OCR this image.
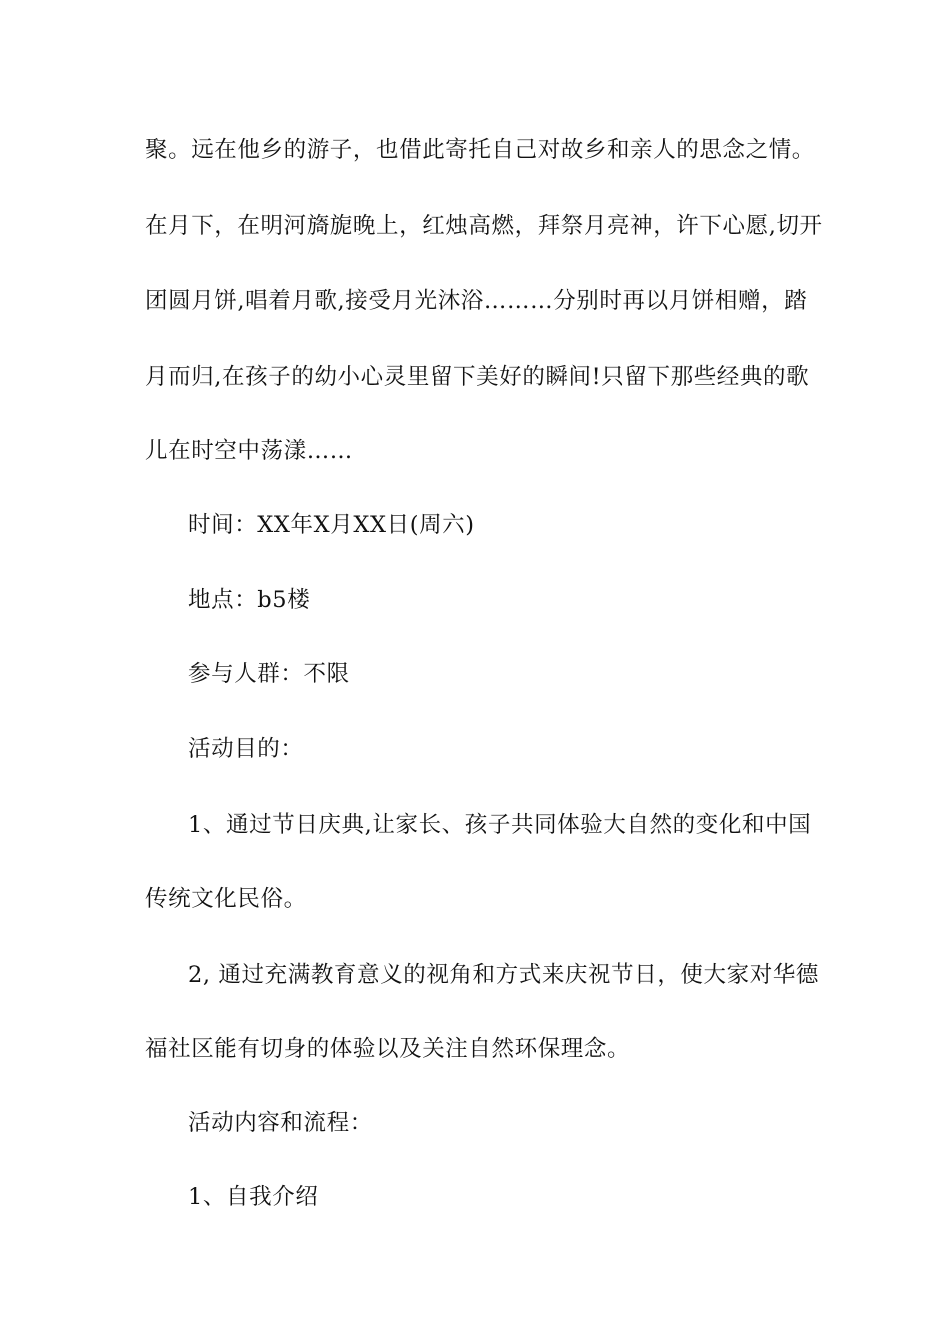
聚。远在他乡的游子，也借此寄托自己对故乡和亲人的思念之情。
在月下，在明河旖旎晚上，红烛高燃，拜祭月亮神，许下心愿,切开
团圆月饼,唱着月歌,接受月光沐浴………分别时再以月饼相赠，踏
月而归,在孩子的幼小心灵里留下美好的瞬间!只留下那些经典的歌
儿在时空中荡漾……
时间：XX年X月XX日(周六)
地点：b5楼
参与人群：不限
活动目的：
1、通过节日庆典,让家长、孩子共同体验大自然的变化和中国
传统文化民俗。
2, 通过充满教育意义的视角和方式来庆祝节日，使大家对华德
福社区能有切身的体验以及关注自然环保理念。
活动内容和流程：
1、自我介绍
